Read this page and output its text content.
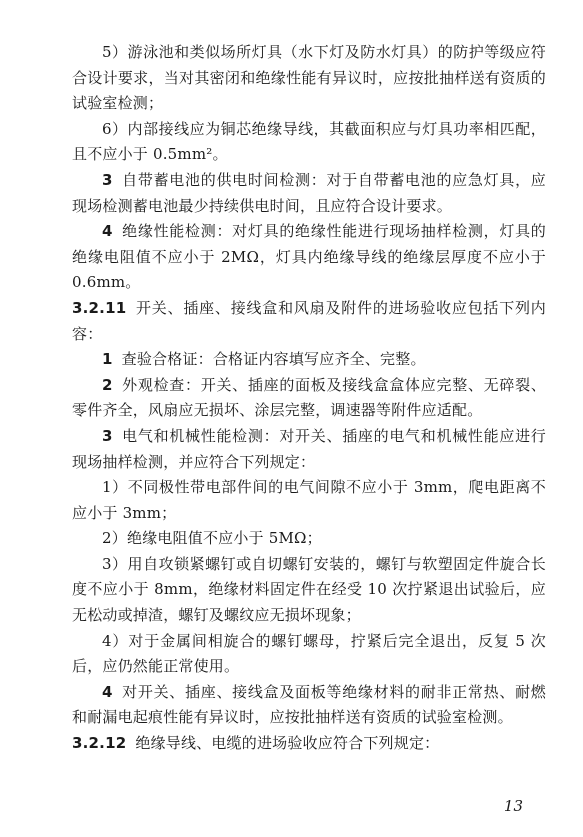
5）游泳池和类似场所灯具（水下灯及防水灯具）的防护等级应符合设计要求，当对其密闭和绝缘性能有异议时，应按批抽样送有资质的试验室检测；

6）内部接线应为铜芯绝缘导线，其截面积应与灯具功率相匹配，且不应小于 0.5mm²。

3 自带蓄电池的供电时间检测：对于自带蓄电池的应急灯具，应现场检测蓄电池最少持续供电时间，且应符合设计要求。

4 绝缘性能检测：对灯具的绝缘性能进行现场抽样检测，灯具的绝缘电阻值不应小于 2MΩ，灯具内绝缘导线的绝缘层厚度不应小于 0.6mm。

3.2.11 开关、插座、接线盒和风扇及附件的进场验收应包括下列内容：

1 查验合格证：合格证内容填写应齐全、完整。

2 外观检查：开关、插座的面板及接线盒盒体应完整、无碎裂、零件齐全，风扇应无损坏、涂层完整，调速器等附件应适配。

3 电气和机械性能检测：对开关、插座的电气和机械性能应进行现场抽样检测，并应符合下列规定：

1）不同极性带电部件间的电气间隙不应小于 3mm，爬电距离不应小于 3mm；

2）绝缘电阻值不应小于 5MΩ；

3）用自攻锁紧螺钉或自切螺钉安装的，螺钉与软塑固定件旋合长度不应小于 8mm，绝缘材料固定件在经受 10 次拧紧退出试验后，应无松动或掉渣，螺钉及螺纹应无损坏现象；

4）对于金属间相旋合的螺钉螺母，拧紧后完全退出，反复 5 次后，应仍然能正常使用。

4 对开关、插座、接线盒及面板等绝缘材料的耐非正常热、耐燃和耐漏电起痕性能有异议时，应按批抽样送有资质的试验室检测。

3.2.12 绝缘导线、电缆的进场验收应符合下列规定：

13
